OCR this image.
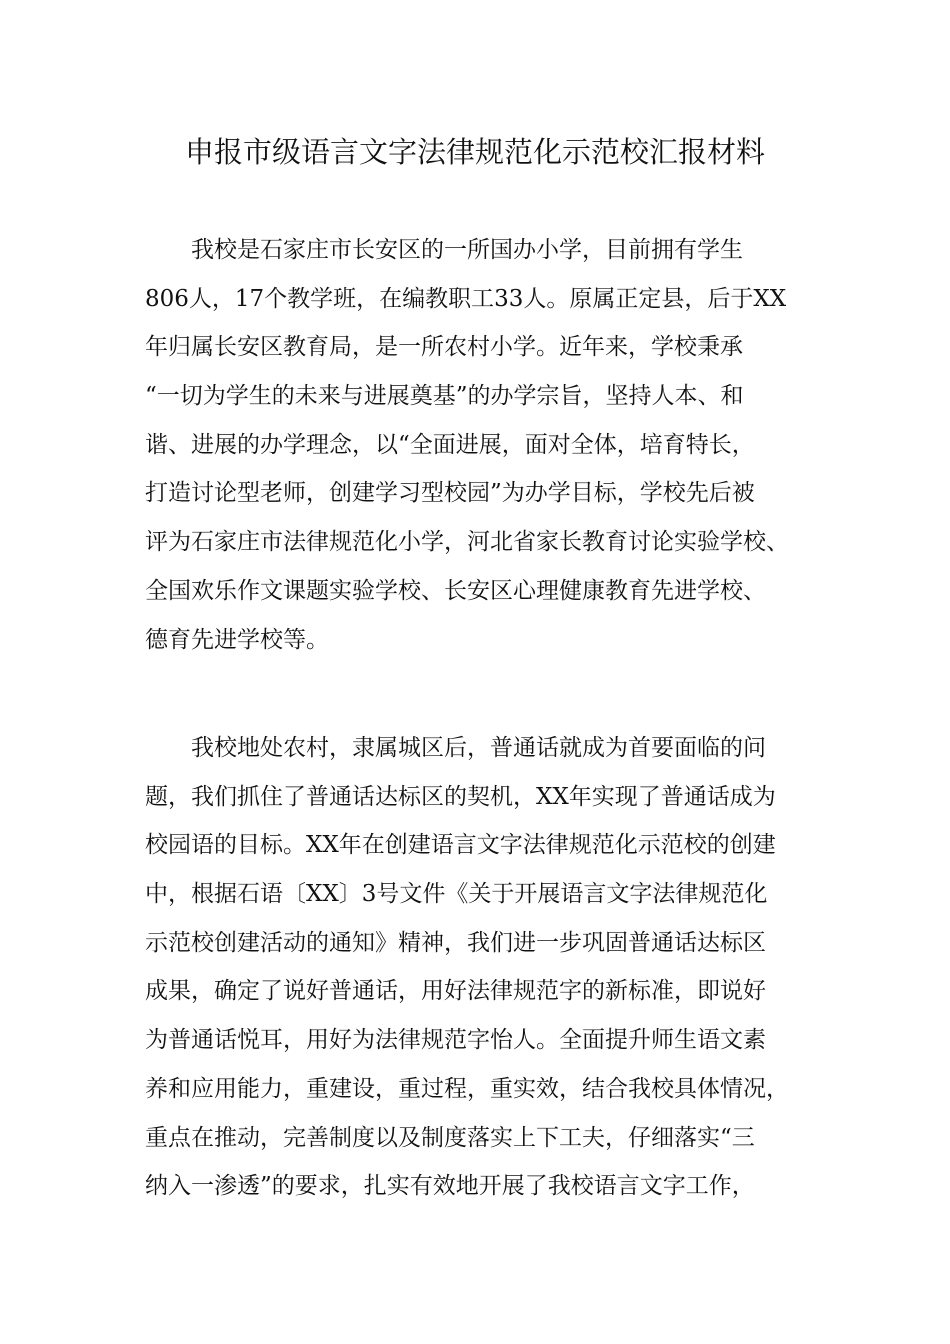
申报市级语言文字法律规范化示范校汇报材料
我校是石家庄市长安区的一所国办小学，目前拥有学生
806人，17个教学班，在编教职工33人。原属正定县，后于XX
年归属长安区教育局，是一所农村小学。近年来，学校秉承
“一切为学生的未来与进展奠基”的办学宗旨，坚持人本、和
谐、进展的办学理念，以“全面进展，面对全体，培育特长，
打造讨论型老师，创建学习型校园”为办学目标，学校先后被
评为石家庄市法律规范化小学，河北省家长教育讨论实验学校、
全国欢乐作文课题实验学校、长安区心理健康教育先进学校、
德育先进学校等。
我校地处农村，隶属城区后，普通话就成为首要面临的问
题，我们抓住了普通话达标区的契机，XX年实现了普通话成为
校园语的目标。XX年在创建语言文字法律规范化示范校的创建
中，根据石语〔XX〕3号文件《关于开展语言文字法律规范化
示范校创建活动的通知》精神，我们进一步巩固普通话达标区
成果，确定了说好普通话，用好法律规范字的新标准，即说好
为普通话悦耳，用好为法律规范字怡人。全面提升师生语文素
养和应用能力，重建设，重过程，重实效，结合我校具体情况，
重点在推动，完善制度以及制度落实上下工夫，仔细落实“三
纳入一渗透”的要求，扎实有效地开展了我校语言文字工作，
